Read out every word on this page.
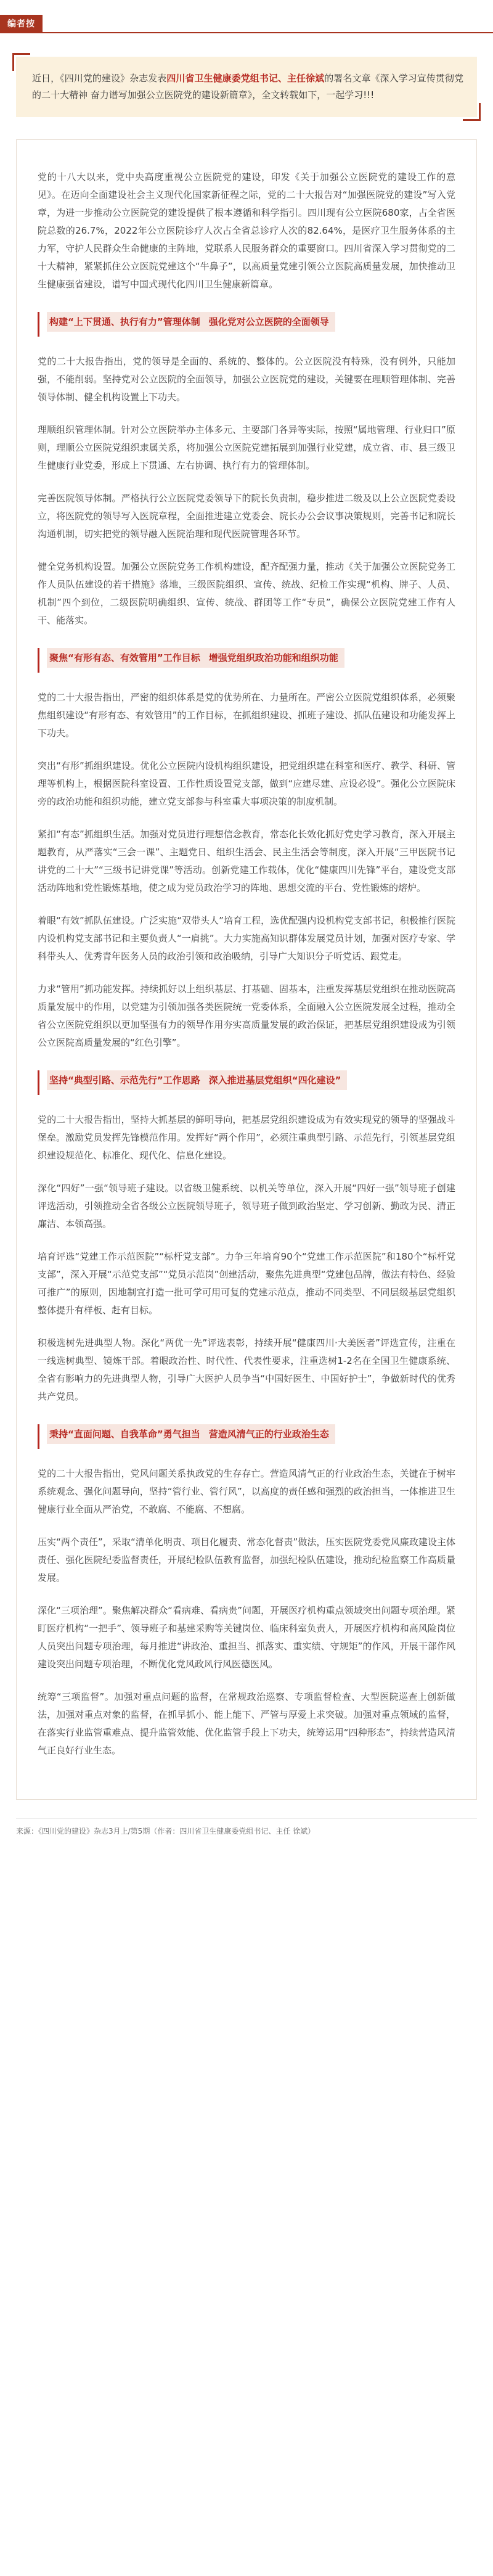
编者按
近日，《四川党的建设》杂志发表四川省卫生健康委党组书记、主任徐斌的署名文章《深入学习宣传贯彻党的二十大精神 奋力谱写加强公立医院党的建设新篇章》，全文转载如下，一起学习!!!

党的十八大以来，党中央高度重视公立医院党的建设，印发《关于加强公立医院党的建设工作的意见》。在迈向全面建设社会主义现代化国家新征程之际，党的二十大报告对“加强医院党的建设”写入党章，为进一步推动公立医院党的建设提供了根本遵循和科学指引。四川现有公立医院680家，占全省医院总数的26.7%，2022年公立医院诊疗人次占全省总诊疗人次的82.64%，是医疗卫生服务体系的主力军，守护人民群众生命健康的主阵地，党联系人民服务群众的重要窗口。四川省深入学习贯彻党的二十大精神，紧紧抓住公立医院党建这个“牛鼻子”，以高质量党建引领公立医院高质量发展，加快推动卫生健康强省建设，谱写中国式现代化四川卫生健康新篇章。

构建“上下贯通、执行有力”管理体制 强化党对公立医院的全面领导

党的二十大报告指出，党的领导是全面的、系统的、整体的。公立医院没有特殊，没有例外，只能加强，不能削弱。坚持党对公立医院的全面领导，加强公立医院党的建设，关键要在理顺管理体制、完善领导体制、健全机构设置上下功夫。

理顺组织管理体制。针对公立医院举办主体多元、主要部门各异等实际，按照“属地管理、行业归口”原则，理顺公立医院党组织隶属关系，将加强公立医院党建拓展到加强行业党建，成立省、市、县三级卫生健康行业党委，形成上下贯通、左右协调、执行有力的管理体制。

完善医院领导体制。严格执行公立医院党委领导下的院长负责制，稳步推进二级及以上公立医院党委设立，将医院党的领导写入医院章程，全面推进建立党委会、院长办公会议事决策规则，完善书记和院长沟通机制，切实把党的领导融入医院治理和现代医院管理各环节。

健全党务机构设置。加强公立医院党务工作机构建设，配齐配强力量，推动《关于加强公立医院党务工作人员队伍建设的若干措施》落地，三级医院组织、宣传、统战、纪检工作实现“机构、牌子、人员、机制”四个到位，二级医院明确组织、宣传、统战、群团等工作“专员”，确保公立医院党建工作有人干、能落实。

聚焦“有形有态、有效管用”工作目标 增强党组织政治功能和组织功能

党的二十大报告指出，严密的组织体系是党的优势所在、力量所在。严密公立医院党组织体系，必须聚焦组织建设“有形有态、有效管用”的工作目标，在抓组织建设、抓班子建设、抓队伍建设和功能发挥上下功夫。

突出“有形”抓组织建设。优化公立医院内设机构组织建设，把党组织建在科室和医疗、教学、科研、管理等机构上，根据医院科室设置、工作性质设置党支部，做到“应建尽建、应设必设”。强化公立医院床旁的政治功能和组织功能，建立党支部参与科室重大事项决策的制度机制。

紧扣“有态”抓组织生活。加强对党员进行理想信念教育，常态化长效化抓好党史学习教育，深入开展主题教育，从严落实“三会一课”、主题党日、组织生活会、民主生活会等制度，深入开展“三甲医院书记讲党的二十大”“三级书记讲党课”等活动。创新党建工作载体，优化“健康四川先锋”平台，建设党支部活动阵地和党性锻炼基地，使之成为党员政治学习的阵地、思想交流的平台、党性锻炼的熔炉。

着眼“有效”抓队伍建设。广泛实施“双带头人”培育工程，选优配强内设机构党支部书记，积极推行医院内设机构党支部书记和主要负责人“一肩挑”。大力实施高知识群体发展党员计划，加强对医疗专家、学科带头人、优秀青年医务人员的政治引领和政治吸纳，引导广大知识分子听党话、跟党走。

力求“管用”抓功能发挥。持续抓好以上组织基层、打基础、固基本，注重发挥基层党组织在推动医院高质量发展中的作用，以党建为引领加强各类医院统一党委体系，全面融入公立医院发展全过程，推动全省公立医院党组织以更加坚强有力的领导作用夯实高质量发展的政治保证，把基层党组织建设成为引领公立医院高质量发展的“红色引擎”。

坚持“典型引路、示范先行”工作思路 深入推进基层党组织“四化建设”

党的二十大报告指出，坚持大抓基层的鲜明导向，把基层党组织建设成为有效实现党的领导的坚强战斗堡垒。激励党员发挥先锋模范作用。发挥好“两个作用”，必须注重典型引路、示范先行，引领基层党组织建设规范化、标准化、现代化、信息化建设。

深化“四好”一强“领导班子建设。以省级卫健系统、以机关等单位，深入开展“四好一强”领导班子创建评选活动，引领推动全省各级公立医院领导班子，领导班子做到政治坚定、学习创新、勤政为民、清正廉洁、本领高强。

培育评选“党建工作示范医院”“标杆党支部”。力争三年培育90个“党建工作示范医院”和180个“标杆党支部”，深入开展“示范党支部”“党员示范岗”创建活动，聚焦先进典型“党建包品牌，做法有特色、经验可推广”的原则，因地制宜打造一批可学可用可复的党建示范点，推动不同类型、不同层级基层党组织整体提升有样板、赶有目标。

积极选树先进典型人物。深化“两优一先”评选表彰，持续开展“健康四川·大美医者”评选宣传，注重在一线选树典型、镜炼干部。着眼政治性、时代性、代表性要求，注重选树1-2名在全国卫生健康系统、全省有影响力的先进典型人物，引导广大医护人员争当“中国好医生、中国好护士”，争做新时代的优秀共产党员。

秉持“直面问题、自我革命”勇气担当 营造风清气正的行业政治生态

党的二十大报告指出，党风问题关系执政党的生存存亡。营造风清气正的行业政治生态，关键在于树牢系统观念、强化问题导向，坚持“管行业、管行风”，以高度的责任感和强烈的政治担当，一体推进卫生健康行业全面从严治党，不敢腐、不能腐、不想腐。

压实“两个责任”，采取“清单化明责、项目化履责、常态化督责”做法，压实医院党委党风廉政建设主体责任、强化医院纪委监督责任，开展纪检队伍教育监督，加强纪检队伍建设，推动纪检监察工作高质量发展。

深化“三项治理”。聚焦解决群众“看病难、看病贵”问题，开展医疗机构重点领域突出问题专项治理。紧盯医疗机构“一把手”、领导班子和基建采购等关键岗位、临床科室负责人，开展医疗机构和高风险岗位人员突出问题专项治理，每月推进“讲政治、重担当、抓落实、重实绩、守规矩”的作风，开展干部作风建设突出问题专项治理，不断优化党风政风行风医德医风。

统筹“三项监督”。加强对重点问题的监督，在常规政治巡察、专项监督检查、大型医院巡查上创新做法，加强对重点对象的监督，在抓早抓小、能上能下、严管与厚爱上求突破。加强对重点领域的监督，在落实行业监管重难点、提升监管效能、优化监管手段上下功夫，统筹运用“四种形态”，持续营造风清气正良好行业生态。

来源：《四川党的建设》杂志3月上/第5期（作者：四川省卫生健康委党组书记、主任 徐斌）
